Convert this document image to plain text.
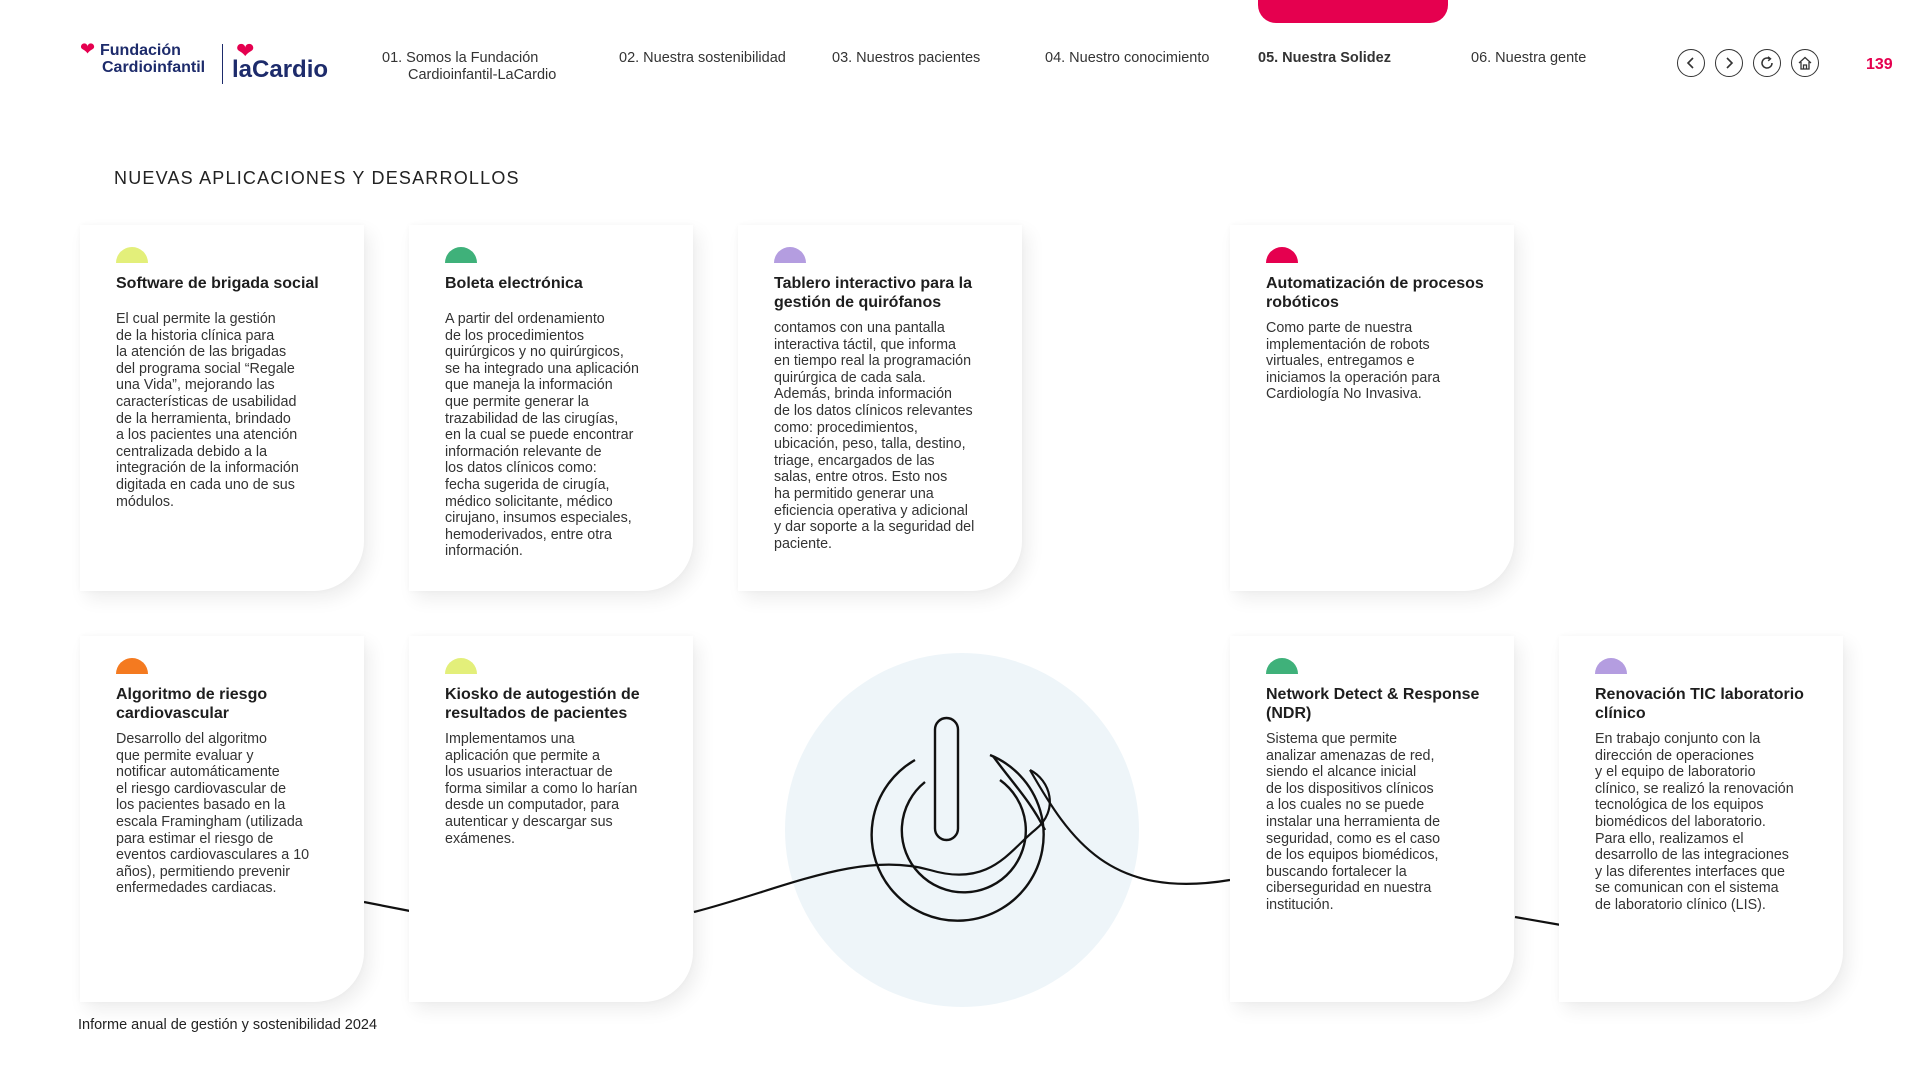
❤ Fundación
Cardioinfantil
❤
laCardio	01. Somos la Fundación
Cardioinfantil-LaCardio
02. Nuestra sostenibilidad	03. Nuestros pacientes	04. Nuestro conocimiento	05. Nuestra Solidez	06. Nuestra gente	139
NUEVAS APLICACIONES Y DESARROLLOS

Software de brigada social

El cual permite la gestión
de la historia clínica para
la atención de las brigadas
del programa social “Regale
una Vida”, mejorando las
características de usabilidad
de la herramienta, brindado
a los pacientes una atención
centralizada debido a la
integración de la información
digitada en cada uno de sus
módulos.

Boleta electrónica

A partir del ordenamiento
de los procedimientos
quirúrgicos y no quirúrgicos,
se ha integrado una aplicación
que maneja la información
que permite generar la
trazabilidad de las cirugías,
en la cual se puede encontrar
información relevante de
los datos clínicos como:
fecha sugerida de cirugía,
médico solicitante, médico
cirujano, insumos especiales,
hemoderivados, entre otra
información.

Tablero interactivo para la gestión de quirófanos

contamos con una pantalla
interactiva táctil, que informa
en tiempo real la programación
quirúrgica de cada sala.
Además, brinda información
de los datos clínicos relevantes
como: procedimientos,
ubicación, peso, talla, destino,
triage, encargados de las
salas, entre otros. Esto nos
ha permitido generar una
eficiencia operativa y adicional
y dar soporte a la seguridad del
paciente.

Automatización de procesos robóticos

Como parte de nuestra
implementación de robots
virtuales, entregamos e
iniciamos la operación para
Cardiología No Invasiva.

Algoritmo de riesgo cardiovascular

Desarrollo del algoritmo
que permite evaluar y
notificar automáticamente
el riesgo cardiovascular de
los pacientes basado en la
escala Framingham (utilizada
para estimar el riesgo de
eventos cardiovasculares a 10
años), permitiendo prevenir
enfermedades cardiacas.

Kiosko de autogestión de resultados de pacientes

Implementamos una
aplicación que permite a
los usuarios interactuar de
forma similar a como lo harían
desde un computador, para
autenticar y descargar sus
exámenes.

Network Detect & Response (NDR)

Sistema que permite
analizar amenazas de red,
siendo el alcance inicial
de los dispositivos clínicos
a los cuales no se puede
instalar una herramienta de
seguridad, como es el caso
de los equipos biomédicos,
buscando fortalecer la
ciberseguridad en nuestra
institución.

Renovación TIC laboratorio clínico

En trabajo conjunto con la
dirección de operaciones
y el equipo de laboratorio
clínico, se realizó la renovación
tecnológica de los equipos
biomédicos del laboratorio.
Para ello, realizamos el
desarrollo de las integraciones
y las diferentes interfaces que
se comunican con el sistema
de laboratorio clínico (LIS).

Informe anual de gestión y sostenibilidad 2024
